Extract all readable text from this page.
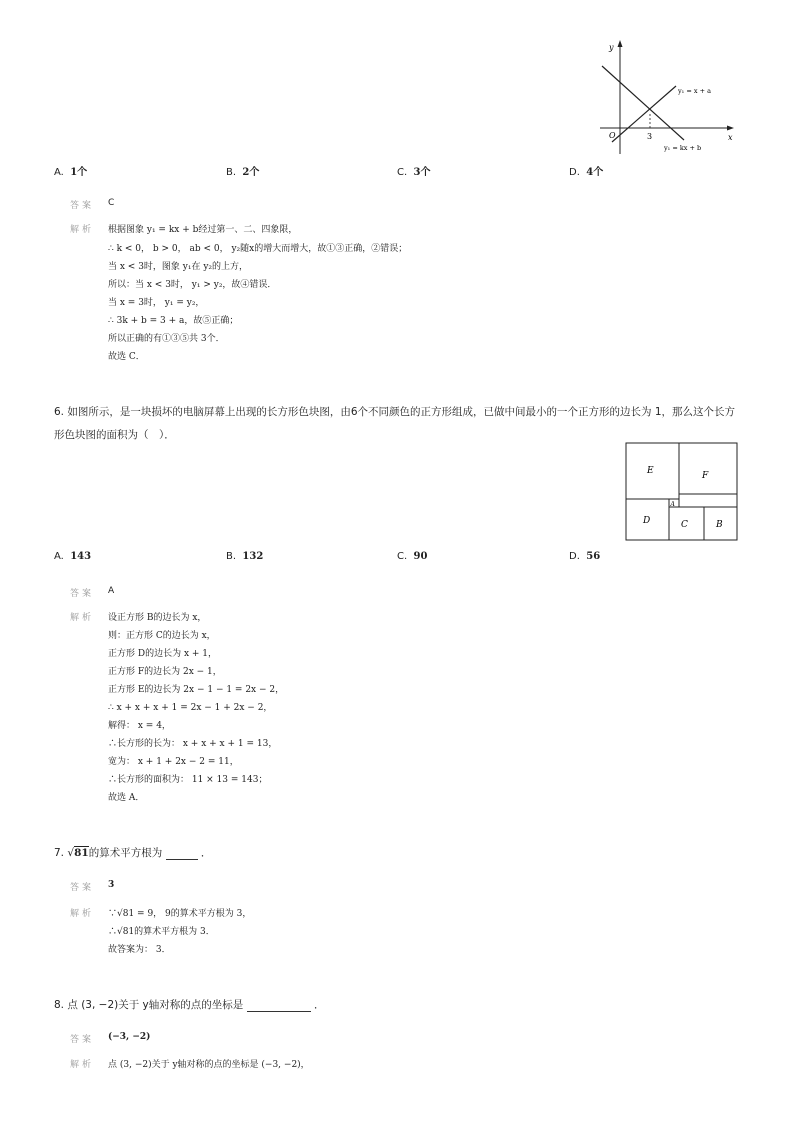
y
x
O	3
y₁ = x + a
y₁ = kx + b
A. 1个	B. 2个	C. 3个	D. 4个
答案 C
解析 根据图象 y₁ = kx + b经过第一、二、四象限，
∴ k < 0， b > 0， ab < 0， y₂随x的增大而增大，故①③正确，②错误；
当 x < 3时，图象 y₁在 y₂的上方，
所以：当 x < 3时， y₁ > y₂，故④错误．
当 x = 3时， y₁ = y₂，
∴ 3k + b = 3 + a，故⑤正确；
所以正确的有①③⑤共 3个．
故选 C．
6. 如图所示，是一块损坏的电脑屏幕上出现的长方形色块图，由6个不同颜色的正方形组成，已做中间最小的一个正方形的边长为 1，那么这个长方
形色块图的面积为（　）．
E	F
A
D	C	B
A. 143	B. 132	C. 90	D. 56
答案 A
解析 设正方形 B的边长为 x，
则：正方形 C的边长为 x，
正方形 D的边长为 x + 1，
正方形 F的边长为 2x − 1，
正方形 E的边长为 2x − 1 − 1 = 2x − 2，
∴ x + x + x + 1 = 2x − 1 + 2x − 2，
解得： x = 4，
∴长方形的长为： x + x + x + 1 = 13，
宽为： x + 1 + 2x − 2 = 11，
∴长方形的面积为： 11 × 13 = 143；
故选 A．
7. √81的算术平方根为	．
答案 3
解析 ∵√81 = 9， 9的算术平方根为 3，
∴√81的算术平方根为 3．
故答案为： 3．
8. 点 (3, −2)关于 y轴对称的点的坐标是	．
答案 (−3, −2)
解析 点 (3, −2)关于 y轴对称的点的坐标是 (−3, −2)，
